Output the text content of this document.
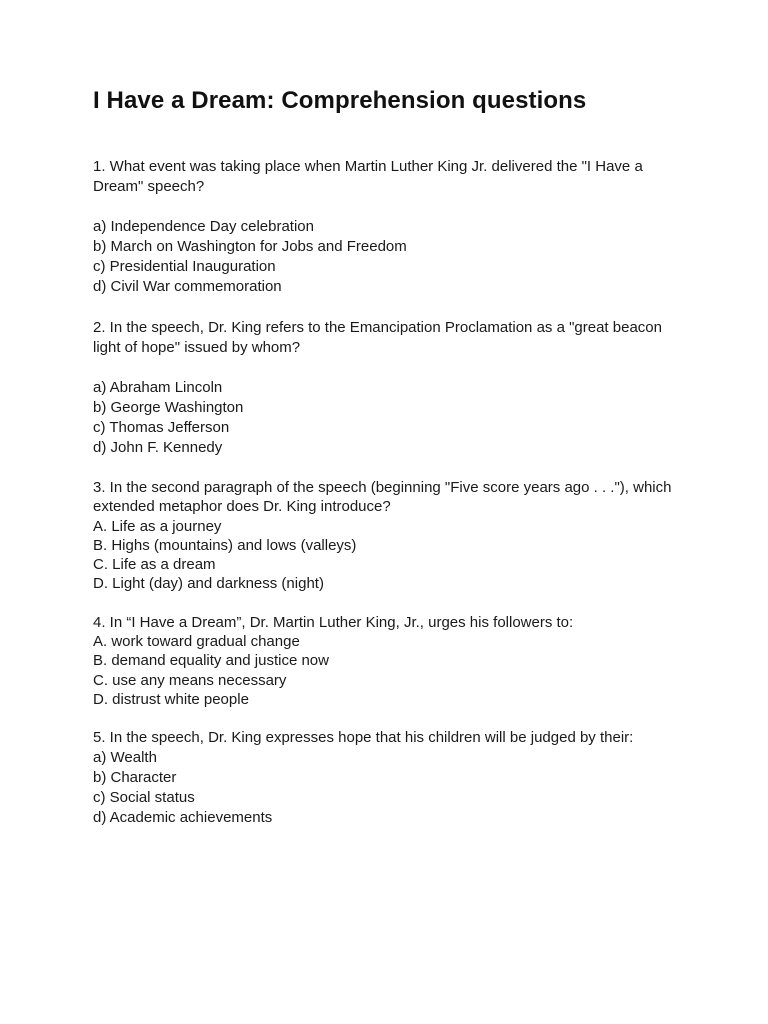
I Have a Dream: Comprehension questions

1. What event was taking place when Martin Luther King Jr. delivered the "I Have a Dream" speech?

a) Independence Day celebration
b) March on Washington for Jobs and Freedom
c) Presidential Inauguration
d) Civil War commemoration

2. In the speech, Dr. King refers to the Emancipation Proclamation as a "great beacon light of hope" issued by whom?

a) Abraham Lincoln
b) George Washington
c) Thomas Jefferson
d) John F. Kennedy

3. In the second paragraph of the speech (beginning "Five score years ago . . ."), which extended metaphor does Dr. King introduce?

A. Life as a journey
B. Highs (mountains) and lows (valleys)
C. Life as a dream
D. Light (day) and darkness (night)

4. In “I Have a Dream”, Dr. Martin Luther King, Jr., urges his followers to:

A. work toward gradual change
B. demand equality and justice now
C. use any means necessary
D. distrust white people

5. In the speech, Dr. King expresses hope that his children will be judged by their:

a) Wealth
b) Character
c) Social status
d) Academic achievements
